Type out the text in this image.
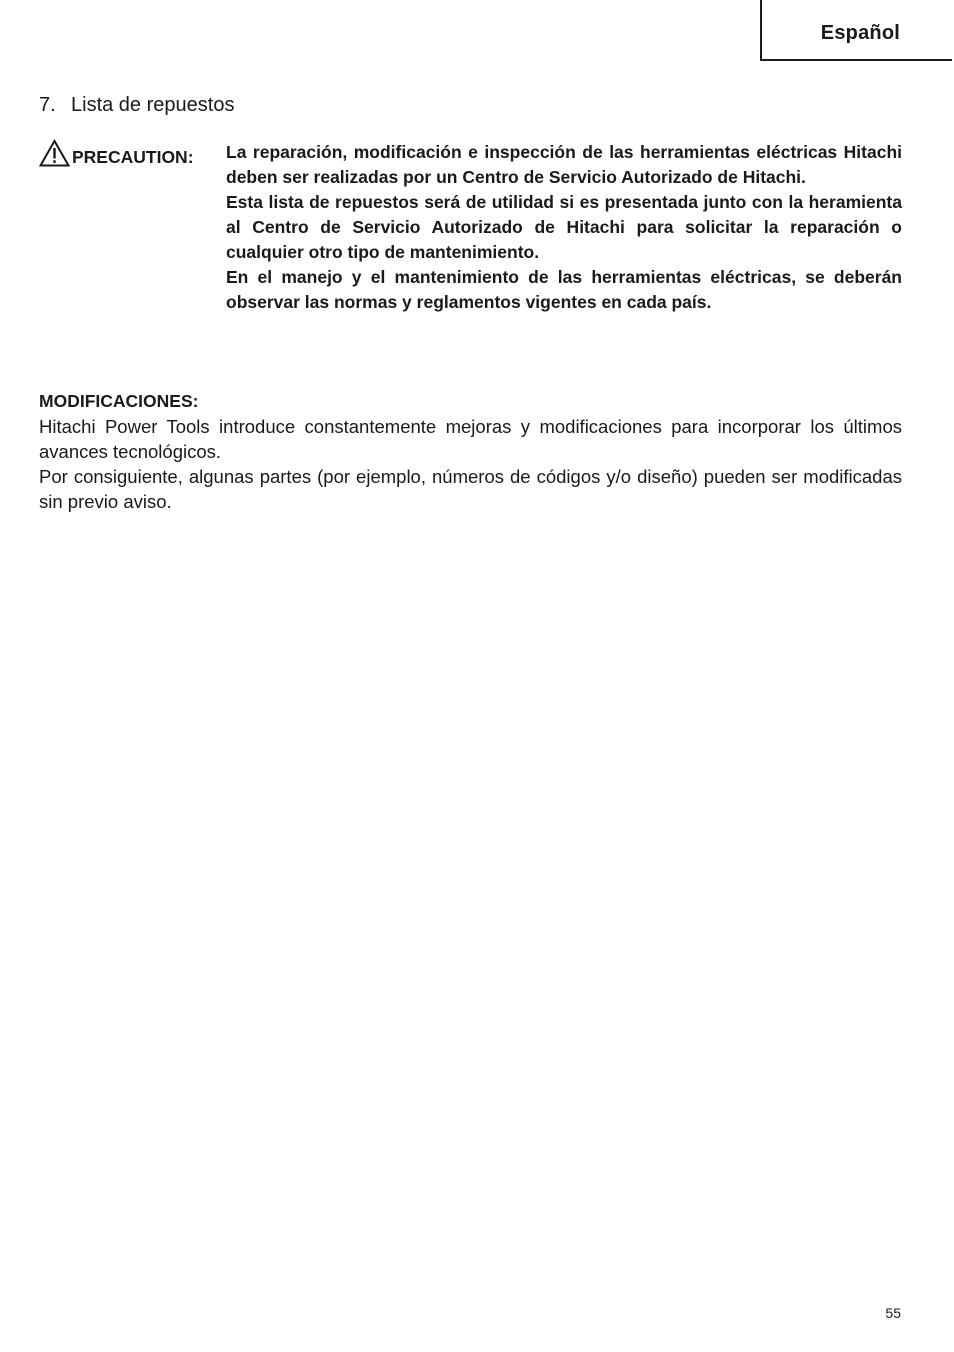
Español
7. Lista de repuestos
PRECAUTION:	La reparación, modificación e inspección de las herramientas eléctricas Hitachi deben ser realizadas por un Centro de Servicio Autorizado de Hitachi.

Esta lista de repuestos será de utilidad si es presentada junto con la heramienta al Centro de Servicio Autorizado de Hitachi para solicitar la reparación o cualquier otro tipo de mantenimiento.

En el manejo y el mantenimiento de las herramientas eléctricas, se deberán observar las normas y reglamentos vigentes en cada país.

MODIFICACIONES:

Hitachi Power Tools introduce constantemente mejoras y modificaciones para incorporar los últimos avances tecnológicos.

Por consiguiente, algunas partes (por ejemplo, números de códigos y/o diseño) pueden ser modificadas sin previo aviso.

55
